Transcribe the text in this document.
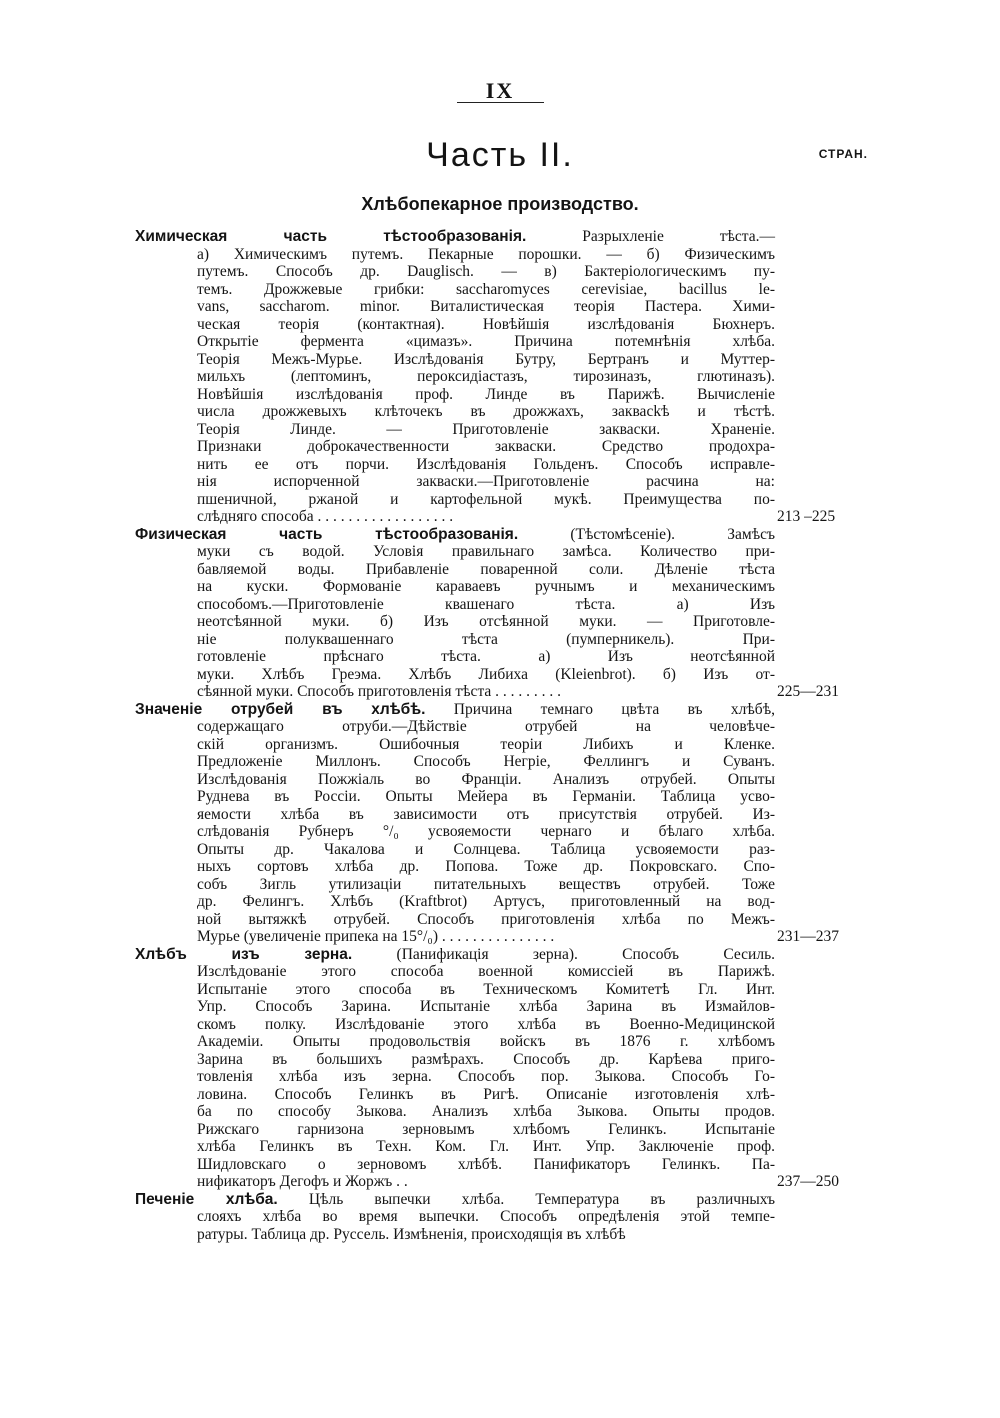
IX
Часть II.	СТРАН.
Хлѣбопекарное производство.
Химическая часть тѣстообразованія.	Разрыхленіе тѣста.—
а) Химическимъ путемъ. Пекарные порошки. — б) Физическимъ
путемъ. Способъ др. Dauglisch. — в) Бактеріологическимъ пу-
темъ. Дрожжевые грибки: saccharomyces cerevisiae, bacillus le-
vans, saccharom. minor. Виталистическая теорія Пастера. Хими-
ческая теорія (контактная). Новѣйшія изслѣдованія Бюхнеръ.
Открытіе фермента «цимазъ». Причина потемнѣнія хлѣба.
Теорія Межъ-Мурье. Изслѣдованія Бутру, Бертранъ и Муттер-
мильхъ (лептоминъ, пероксидіастазъ, тирозиназъ, глютиназъ).
Новѣйшія изслѣдованія проф. Линде въ Парижѣ. Вычисленіе
числа дрожжевыхъ клѣточекъ въ дрожжахъ, заквасkѣ и тѣстѣ.
Теорія Линде. — Приготовленіе закваски. Храненіе.
Признаки доброкачественности закваски. Средство продохра-
нить ее отъ порчи. Изслѣдованія Гольденъ. Способъ исправле-
нія испорченной закваски.—Приготовленіе расчина на:
пшеничной, ржаной и картофельной мукѣ. Преимущества по-
слѣдняго способа . . . . . . . . . . . . . . . . . .	213 –225
Физическая часть тѣстообразованія.	(Тѣстомѣсеніе). Замѣсъ
муки съ водой. Условія правильнаго замѣса. Количество при-
бавляемой воды. Прибавленіе поваренной соли. Дѣленіе тѣста
на куски. Формованіе караваевъ ручнымъ и механическимъ
способомъ.—Приготовленіе квашенаго тѣста. а) Изъ
неотсѣянной муки. б) Изъ отсѣянной муки. — Приготовле-
ніе полуквашеннаго тѣста (пумперникель). При-
готовленіе прѣснаго тѣста. а) Изъ неотсѣянной
муки. Хлѣбъ Греэма. Хлѣбъ Либиха (Kleienbrot). б) Изъ от-
сѣянной муки. Способъ приготовленія тѣста . . . . . . . . .	225—231
Значеніе отрубей въ хлѣбѣ. Причина темнаго цвѣта въ хлѣбѣ,
содержащаго отруби.—Дѣйствіе отрубей на человѣче-
скій организмъ. Ошибочныя теоріи Либихъ и Кленке.
Предложеніе Миллонъ. Способъ Негріе, Феллингъ и Суванъ.
Изслѣдованія Пожжіаль во Франціи. Анализъ отрубей. Опыты
Руднева въ Россіи. Опыты Мейера въ Германіи. Таблица усво-
яемости хлѣба въ зависимости отъ присутствія отрубей. Из-
слѣдованія Рубнеръ °/₀ усвояемости чернаго и бѣлаго хлѣба.
Опыты др. Чакалова и Солнцева. Таблица усвояемости раз-
ныхъ сортовъ хлѣба др. Попова. Тоже др. Покровскаго. Спо-
собъ Зигль утилизаціи питательныхъ веществъ отрубей. Тоже
др. Фелингъ. Хлѣбъ (Kraftbrot) Артусъ, приготовленный на вод-
ной вытяжкѣ отрубей. Способъ приготовленія хлѣба по Межъ-
Мурье (увеличеніе припека на 15°/₀) . . . . . . . . . . . . . . .	231—237
Хлѣбъ изъ зерна.	(Панификація зерна). Способъ Сесиль.
Изслѣдованіе этого способа военной комиссіей въ Парижѣ.
Испытаніе этого способа въ Техническомъ Комитетѣ Гл. Инт.
Упр. Способъ Зарина. Испытаніе хлѣба Зарина въ Измайлов-
скомъ полку. Изслѣдованіе этого хлѣба въ Военно-Медицинской
Академіи. Опыты продовольствія войскъ въ 1876 г. хлѣбомъ
Зарина въ большихъ размѣрахъ. Способъ др. Карѣева приго-
товленія хлѣба изъ зерна. Способъ пор. Зыкова. Способъ Го-
ловина. Способъ Гелинкъ въ Ригѣ. Описаніе изготовленія хлѣ-
ба по способу Зыкова. Анализъ хлѣба Зыкова. Опыты продов.
Рижскаго гарнизона зерновымъ хлѣбомъ Гелинкъ. Испытаніе
хлѣба Гелинкъ въ Техн. Ком. Гл. Инт. Упр. Заключеніе проф.
Шидловскаго о зерновомъ хлѣбѣ. Панификаторъ Гелинкъ. Па-
нификаторъ Дегофъ и Жоржъ . .	237—250
Печеніе хлѣба. Цѣль выпечки хлѣба. Температура въ различныхъ
слояхъ хлѣба во время выпечки. Способъ опредѣленія этой темпе-
ратуры. Таблица др. Руссель. Измѣненія, происходящія въ хлѣбѣ
